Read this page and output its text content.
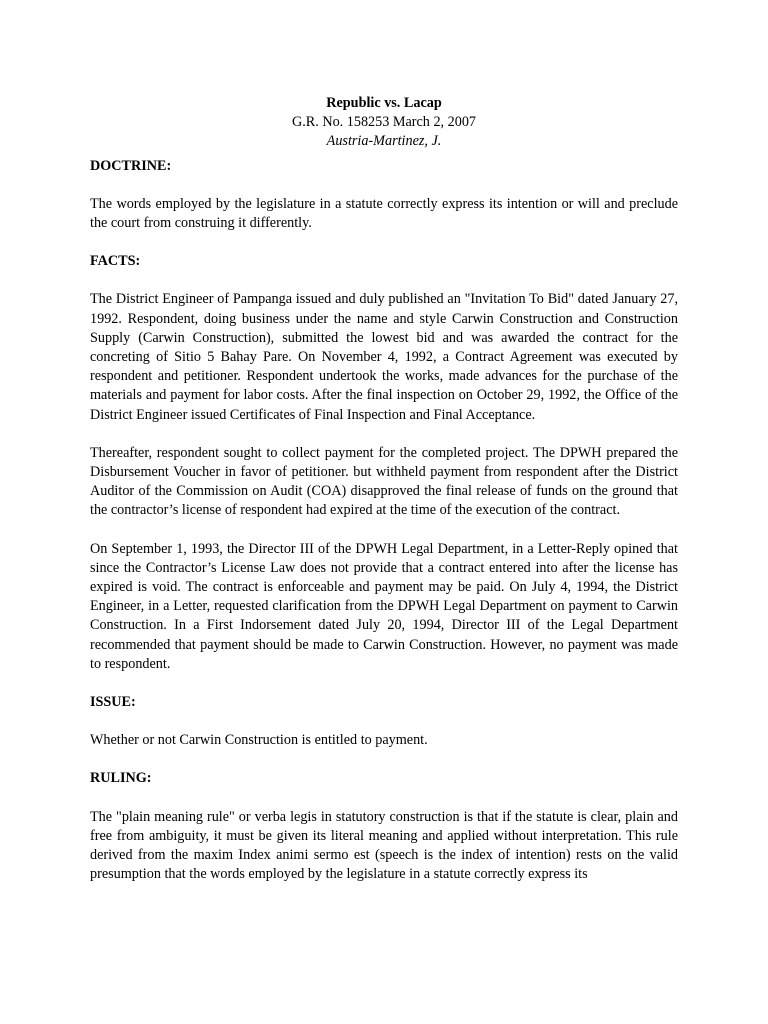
Republic vs. Lacap
G.R. No. 158253 March 2, 2007
Austria-Martinez, J.
DOCTRINE:

The words employed by the legislature in a statute correctly express its intention or will and preclude the court from construing it differently.

FACTS:

The District Engineer of Pampanga issued and duly published an "Invitation To Bid" dated January 27, 1992. Respondent, doing business under the name and style Carwin Construction and Construction Supply (Carwin Construction), submitted the lowest bid and was awarded the contract for the concreting of Sitio 5 Bahay Pare. On November 4, 1992, a Contract Agreement was executed by respondent and petitioner. Respondent undertook the works, made advances for the purchase of the materials and payment for labor costs. After the final inspection on October 29, 1992, the Office of the District Engineer issued Certificates of Final Inspection and Final Acceptance.

Thereafter, respondent sought to collect payment for the completed project. The DPWH prepared the Disbursement Voucher in favor of petitioner. but withheld payment from respondent after the District Auditor of the Commission on Audit (COA) disapproved the final release of funds on the ground that the contractor’s license of respondent had expired at the time of the execution of the contract.

On September 1, 1993, the Director III of the DPWH Legal Department, in a Letter-Reply opined that since the Contractor’s License Law does not provide that a contract entered into after the license has expired is void. The contract is enforceable and payment may be paid. On July 4, 1994, the District Engineer, in a Letter, requested clarification from the DPWH Legal Department on payment to Carwin Construction. In a First Indorsement dated July 20, 1994, Director III of the Legal Department recommended that payment should be made to Carwin Construction. However, no payment was made to respondent.

ISSUE:

Whether or not Carwin Construction is entitled to payment.

RULING:

The "plain meaning rule" or verba legis in statutory construction is that if the statute is clear, plain and free from ambiguity, it must be given its literal meaning and applied without interpretation. This rule derived from the maxim Index animi sermo est (speech is the index of intention) rests on the valid presumption that the words employed by the legislature in a statute correctly express its
